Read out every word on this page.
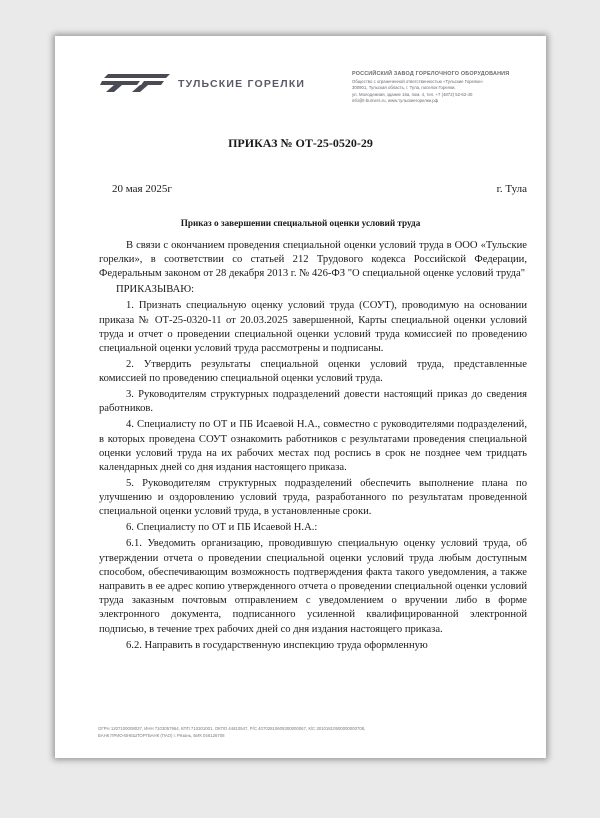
ТУЛЬСКИЕ ГОРЕЛКИ
РОССИЙСКИЙ ЗАВОД ГОРЕЛОЧНОГО ОБОРУДОВАНИЯ
Общество с ограниченной ответственностью «Тульские Горелки»
300901, Тульская область, г. Тула, поселок Горелки,
ул. Молодежная, здание 16а, пом. 4, тел. +7 (4872) 52-62-40
info@t-burners.ru, www.тульскиегорелки.рф
ПРИКАЗ № ОТ-25-0520-29
20 мая 2025г	г. Тула
Приказ о завершении специальной оценки условий труда

В связи с окончанием проведения специальной оценки условий труда в ООО «Тульские горелки», в соответствии со статьей 212 Трудового кодекса Российской Федерации, Федеральным законом от 28 декабря 2013 г. № 426-ФЗ "О специальной оценке условий труда"

ПРИКАЗЫВАЮ:

1. Признать специальную оценку условий труда (СОУТ), проводимую на основании приказа № ОТ-25-0320-11 от 20.03.2025 завершенной, Карты специальной оценки условий труда и отчет о проведении специальной оценки условий труда комиссией по проведению специальной оценки условий труда рассмотрены и подписаны.

2. Утвердить результаты специальной оценки условий труда, представленные комиссией по проведению специальной оценки условий труда.

3. Руководителям структурных подразделений довести настоящий приказ до сведения работников.

4. Специалисту по ОТ и ПБ Исаевой Н.А., совместно с руководителями подразделений, в которых проведена СОУТ ознакомить работников с результатами проведения специальной оценки условий труда на их рабочих местах под роспись в срок не позднее чем тридцать календарных дней со дня издания настоящего приказа.

5. Руководителям структурных подразделений обеспечить выполнение плана по улучшению и оздоровлению условий труда, разработанного по результатам проведенной специальной оценки условий труда, в установленные сроки.

6. Специалисту по ОТ и ПБ Исаевой Н.А.:

6.1. Уведомить организацию, проводившую специальную оценку условий труда, об утверждении отчета о проведении специальной оценки условий труда любым доступным способом, обеспечивающим возможность подтверждения факта такого уведомления, а также направить в ее адрес копию утвержденного отчета о проведении специальной оценки условий труда заказным почтовым отправлением с уведомлением о вручении либо в форме электронного документа, подписанного усиленной квалифицированной электронной подписью, в течение трех рабочих дней со дня издания настоящего приказа.

6.2. Направить в государственную инспекцию труда оформленную

ОГРН 1207100008037, ИНН 7103057964, КПП 710301001, ОКПО 44810547, Р/С 40702810609300000067, К/С 30101810500000000708,
БАНК ПРИО-ВНЕШТОРГБАНК (ПАО) г. Рязань, БИК 046126708
